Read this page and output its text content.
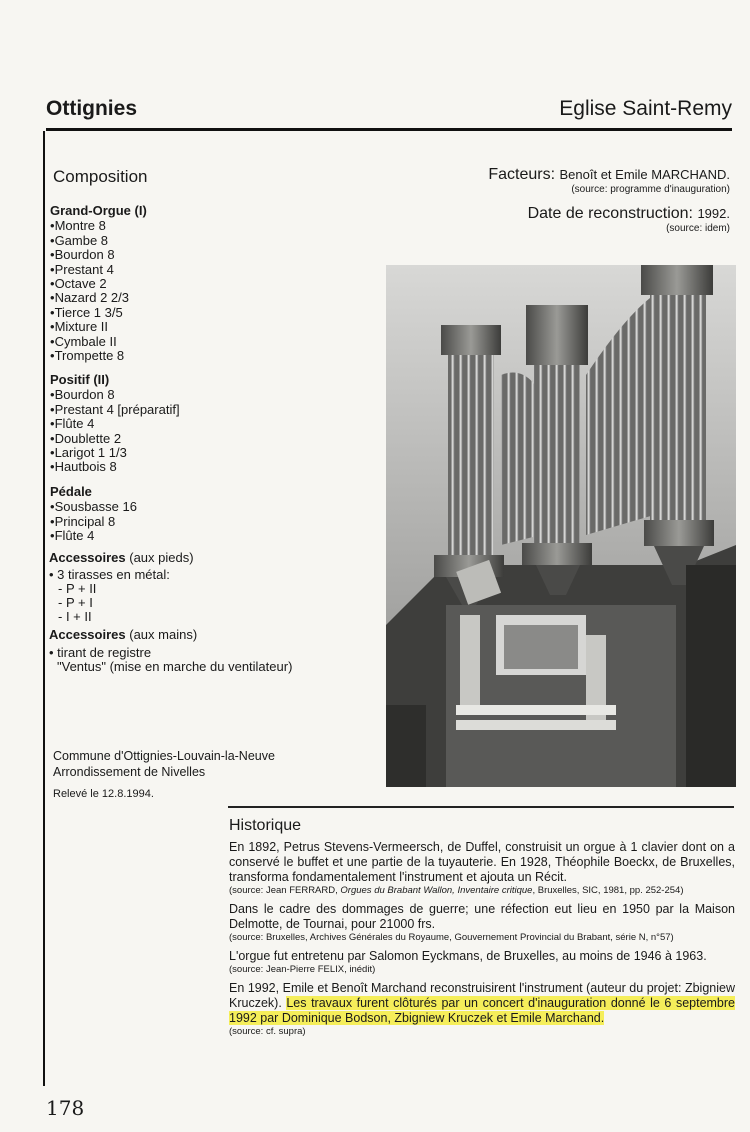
Ottignies	Eglise Saint-Remy
Composition
Grand-Orgue (I)
• Montre 8
• Gambe 8
• Bourdon 8
• Prestant 4
• Octave 2
• Nazard 2 2/3
• Tierce 1 3/5
• Mixture II
• Cymbale II
• Trompette 8
Positif (II)
• Bourdon 8
• Prestant 4 [préparatif]
• Flûte 4
• Doublette 2
• Larigot 1 1/3
• Hautbois 8
Pédale
• Sousbasse 16
• Principal 8
• Flûte 4
Accessoires (aux pieds)
• 3 tirasses en métal:
- P + II
- P + I
- I + II
Accessoires (aux mains)
• tirant de registre
"Ventus" (mise en marche du ventilateur)
Commune d'Ottignies-Louvain-la-Neuve
Arrondissement de Nivelles
Relevé le 12.8.1994.
Facteurs: Benoît et Emile MARCHAND.
(source: programme d'inauguration)
Date de reconstruction: 1992.
(source: idem)
Historique

En 1892, Petrus Stevens-Vermeersch, de Duffel, construisit un orgue à 1 clavier dont on a conservé le buffet et une partie de la tuyauterie. En 1928, Théophile Boeckx, de Bruxelles, transforma fondamentalement l'instrument et ajouta un Récit.
(source: Jean FERRARD, Orgues du Brabant Wallon, Inventaire critique, Bruxelles, SIC, 1981, pp. 252-254)

Dans le cadre des dommages de guerre; une réfection eut lieu en 1950 par la Maison Delmotte, de Tournai, pour 21000 frs.
(source: Bruxelles, Archives Générales du Royaume, Gouvernement Provincial du Brabant, série N, n°57)

L'orgue fut entretenu par Salomon Eyckmans, de Bruxelles, au moins de 1946 à 1963.
(source: Jean-Pierre FELIX, inédit)

En 1992, Emile et Benoît Marchand reconstruisirent l'instrument (auteur du projet: Zbigniew Kruczek). Les travaux furent clôturés par un concert d'inauguration donné le 6 septembre 1992 par Dominique Bodson, Zbigniew Kruczek et Emile Marchand.
(source: cf. supra)

178
